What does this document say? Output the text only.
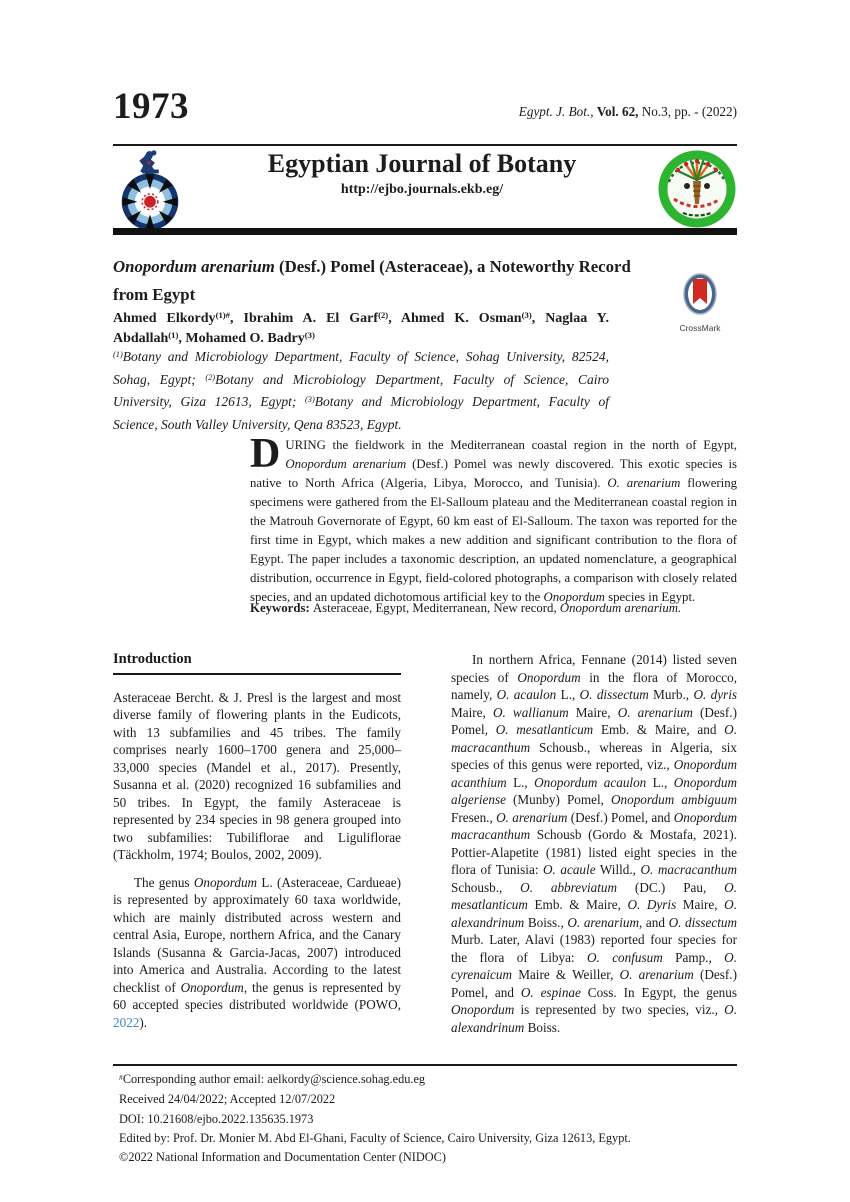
1973	Egypt. J. Bot., Vol. 62, No.3, pp. - (2022)
Egyptian Journal of Botany
http://ejbo.journals.ekb.eg/
Onopordum arenarium (Desf.) Pomel (Asteraceae), a Noteworthy Record from Egypt
CrossMark
Ahmed Elkordy$^{(1)\#}$, Ibrahim A. El Garf$^{(2)}$, Ahmed K. Osman$^{(3)}$, Naglaa Y. Abdallah$^{(1)}$, Mohamed O. Badry$^{(3)}$
$^{(1)}$Botany and Microbiology Department, Faculty of Science, Sohag University, 82524, Sohag, Egypt; $^{(2)}$Botany and Microbiology Department, Faculty of Science, Cairo University, Giza 12613, Egypt; $^{(3)}$Botany and Microbiology Department, Faculty of Science, South Valley University, Qena 83523, Egypt.
DURING the fieldwork in the Mediterranean coastal region in the north of Egypt, Onopordum arenarium (Desf.) Pomel was newly discovered. This exotic species is native to North Africa (Algeria, Libya, Morocco, and Tunisia). O. arenarium flowering specimens were gathered from the El-Salloum plateau and the Mediterranean coastal region in the Matrouh Governorate of Egypt, 60 km east of El-Salloum. The taxon was reported for the first time in Egypt, which makes a new addition and significant contribution to the flora of Egypt. The paper includes a taxonomic description, an updated nomenclature, a geographical distribution, occurrence in Egypt, field-colored photographs, a comparison with closely related species, and an updated dichotomous artificial key to the Onopordum species in Egypt.
Keywords: Asteraceae, Egypt, Mediterranean, New record, Onopordum arenarium.
Introduction

Asteraceae Bercht. & J. Presl is the largest and most diverse family of flowering plants in the Eudicots, with 13 subfamilies and 45 tribes. The family comprises nearly 1600–1700 genera and 25,000–33,000 species (Mandel et al., 2017). Presently, Susanna et al. (2020) recognized 16 subfamilies and 50 tribes. In Egypt, the family Asteraceae is represented by 234 species in 98 genera grouped into two subfamilies: Tubiliflorae and Liguliflorae (Täckholm, 1974; Boulos, 2002, 2009).

The genus Onopordum L. (Asteraceae, Cardueae) is represented by approximately 60 taxa worldwide, which are mainly distributed across western and central Asia, Europe, northern Africa, and the Canary Islands (Susanna & Garcia-Jacas, 2007) introduced into America and Australia. According to the latest checklist of Onopordum, the genus is represented by 60 accepted species distributed worldwide (POWO, 2022).

In northern Africa, Fennane (2014) listed seven species of Onopordum in the flora of Morocco, namely, O. acaulon L., O. dissectum Murb., O. dyris Maire, O. wallianum Maire, O. arenarium (Desf.) Pomel, O. mesatlanticum Emb. & Maire, and O. macracanthum Schousb., whereas in Algeria, six species of this genus were reported, viz., Onopordum acanthium L., Onopordum acaulon L., Onopordum algeriense (Munby) Pomel, Onopordum ambiguum Fresen., O. arenarium (Desf.) Pomel, and Onopordum macracanthum Schousb (Gordo & Mostafa, 2021). Pottier-Alapetite (1981) listed eight species in the flora of Tunisia: O. acaule Willd., O. macracanthum Schousb., O. abbreviatum (DC.) Pau, O. mesatlanticum Emb. & Maire, O. Dyris Maire, O. alexandrinum Boiss., O. arenarium, and O. dissectum Murb. Later, Alavi (1983) reported four species for the flora of Libya: O. confusum Pamp., O. cyrenaicum Maire & Weiller, O. arenarium (Desf.) Pomel, and O. espinae Coss. In Egypt, the genus Onopordum is represented by two species, viz., O. alexandrinum Boiss.

#Corresponding author email: aelkordy@science.sohag.edu.eg
Received 24/04/2022; Accepted 12/07/2022
DOI: 10.21608/ejbo.2022.135635.1973
Edited by: Prof. Dr. Monier M. Abd El-Ghani, Faculty of Science, Cairo University, Giza 12613, Egypt.
©2022 National Information and Documentation Center (NIDOC)
